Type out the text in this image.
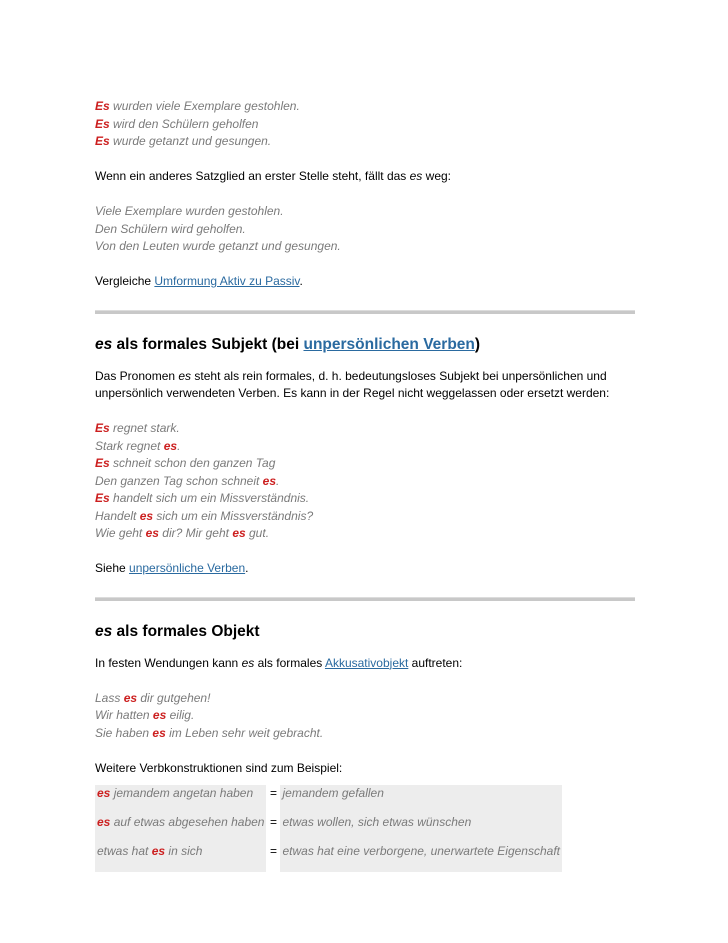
Es wurden viele Exemplare gestohlen.
Es wird den Schülern geholfen
Es wurde getanzt und gesungen.
Wenn ein anderes Satzglied an erster Stelle steht, fällt das es weg:
Viele Exemplare wurden gestohlen.
Den Schülern wird geholfen.
Von den Leuten wurde getanzt und gesungen.
Vergleiche Umformung Aktiv zu Passiv.
es als formales Subjekt (bei unpersönlichen Verben)
Das Pronomen es steht als rein formales, d. h. bedeutungsloses Subjekt bei unpersönlichen und
unpersönlich verwendeten Verben. Es kann in der Regel nicht weggelassen oder ersetzt werden:
Es regnet stark.
Stark regnet es.
Es schneit schon den ganzen Tag
Den ganzen Tag schon schneit es.
Es handelt sich um ein Missverständnis.
Handelt es sich um ein Missverständnis?
Wie geht es dir? Mir geht es gut.
Siehe unpersönliche Verben.
es als formales Objekt
In festen Wendungen kann es als formales Akkusativobjekt auftreten:
Lass es dir gutgehen!
Wir hatten es eilig.
Sie haben es im Leben sehr weit gebracht.
Weitere Verbkonstruktionen sind zum Beispiel:
es jemandem angetan haben	=	jemandem gefallen
es auf etwas abgesehen haben	=	etwas wollen, sich etwas wünschen
etwas hat es in sich	=	etwas hat eine verborgene, unerwartete Eigenschaft
